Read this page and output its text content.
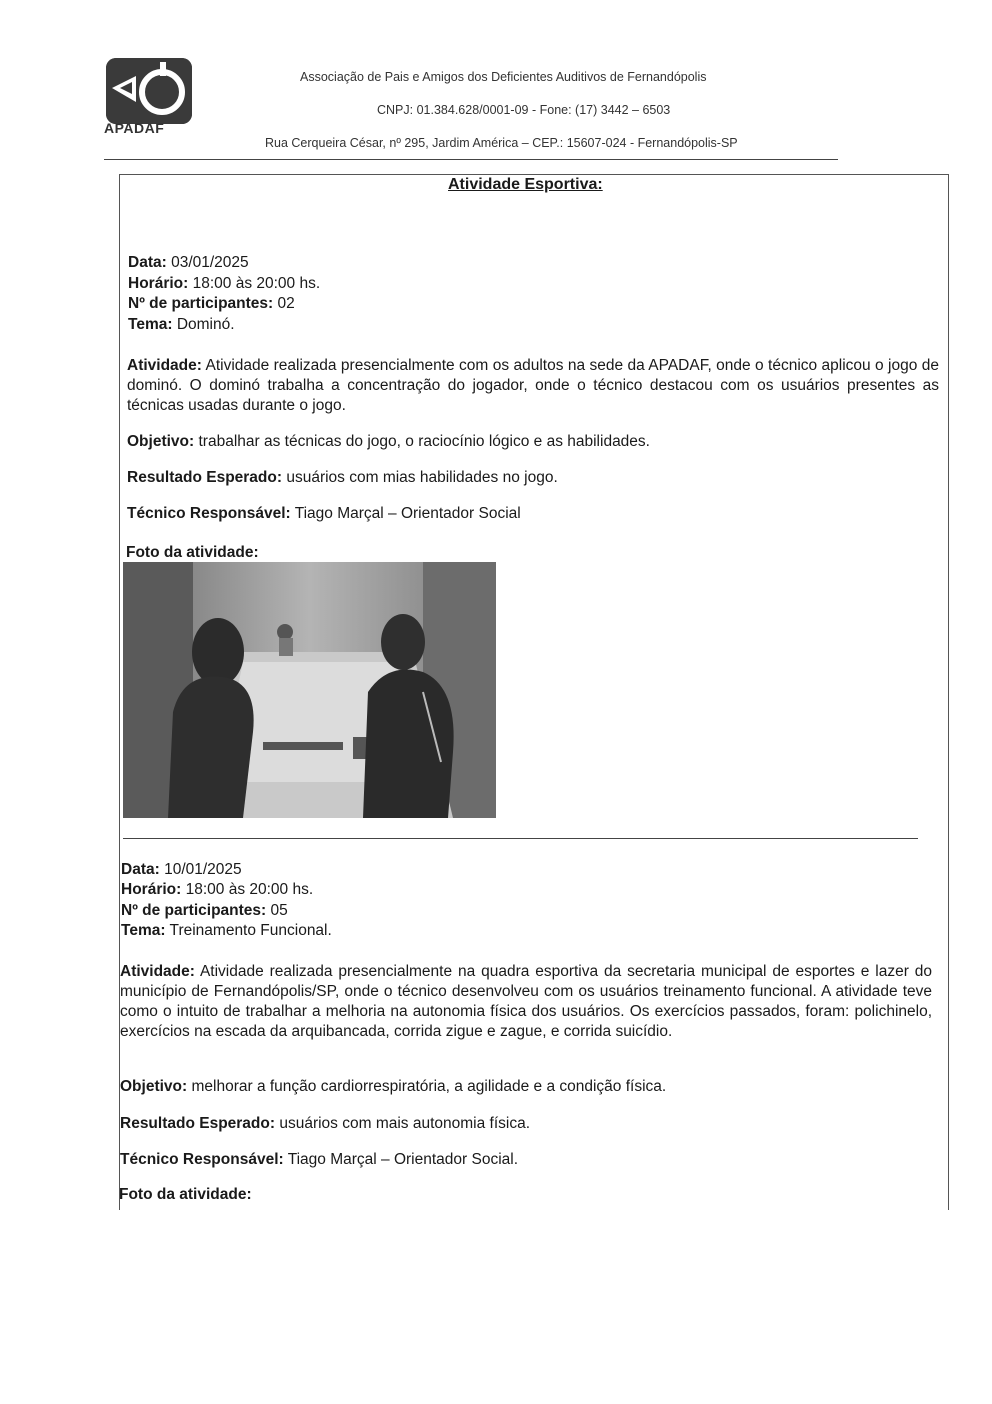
APADAF
Associação de Pais e Amigos dos Deficientes Auditivos de Fernandópolis
CNPJ: 01.384.628/0001-09 - Fone: (17) 3442 – 6503
Rua Cerqueira César, nº 295, Jardim América – CEP.: 15607-024 - Fernandópolis-SP
Atividade Esportiva:
Data: 03/01/2025
Horário: 18:00 às 20:00 hs.
Nº de participantes: 02
Tema: Dominó.
Atividade: Atividade realizada presencialmente com os adultos na sede da APADAF, onde o técnico aplicou o jogo de dominó. O dominó trabalha a concentração do jogador, onde o técnico destacou com os usuários presentes as técnicas usadas durante o jogo.
Objetivo: trabalhar as técnicas do jogo, o raciocínio lógico e as habilidades.
Resultado Esperado: usuários com mias habilidades no jogo.
Técnico Responsável: Tiago Marçal – Orientador Social
Foto da atividade:
Data: 10/01/2025
Horário: 18:00 às 20:00 hs.
Nº de participantes: 05
Tema: Treinamento Funcional.
Atividade: Atividade realizada presencialmente na quadra esportiva da secretaria municipal de esportes e lazer do município de Fernandópolis/SP, onde o técnico desenvolveu com os usuários treinamento funcional. A atividade teve como o intuito de trabalhar a melhoria na autonomia física dos usuários. Os exercícios passados, foram: polichinelo, exercícios na escada da arquibancada, corrida zigue e zague, e corrida suicídio.
Objetivo: melhorar a função cardiorrespiratória, a agilidade e a condição física.
Resultado Esperado: usuários com mais autonomia física.
Técnico Responsável: Tiago Marçal – Orientador Social.
Foto da atividade:
